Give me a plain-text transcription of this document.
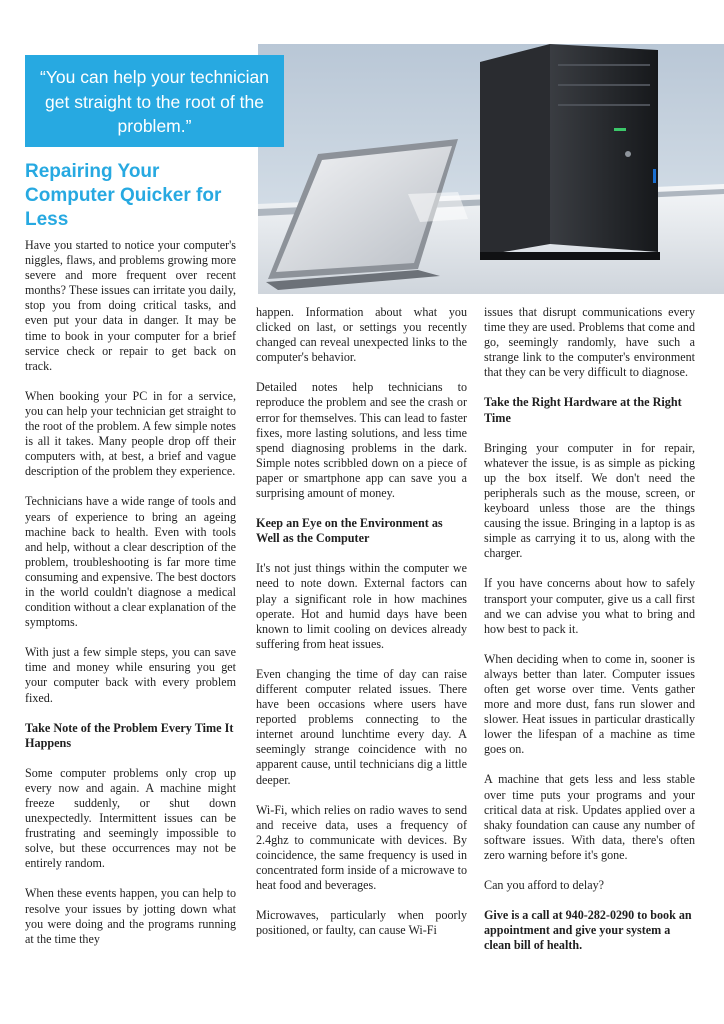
“You can help your technician get straight to the root of the problem.”
Repairing Your Computer Quicker for Less

Have you started to notice your computer's niggles, flaws, and problems growing more severe and more frequent over recent months? These issues can irritate you daily, stop you from doing critical tasks, and even put your data in danger. It may be time to book in your computer for a brief service check or repair to get back on track.

When booking your PC in for a service, you can help your technician get straight to the root of the problem. A few simple notes is all it takes. Many people drop off their computers with, at best, a brief and vague description of the problem they experience.

Technicians have a wide range of tools and years of experience to bring an ageing machine back to health. Even with tools and help, without a clear description of the problem, troubleshooting is far more time consuming and expensive. The best doctors in the world couldn't diagnose a medical condition without a clear explanation of the symptoms.

With just a few simple steps, you can save time and money while ensuring you get your computer back with every problem fixed.

Take Note of the Problem Every Time It Happens

Some computer problems only crop up every now and again. A machine might freeze suddenly, or shut down unexpectedly. Intermittent issues can be frustrating and seemingly impossible to solve, but these occurrences may not be entirely random.

When these events happen, you can help to resolve your issues by jotting down what you were doing and the programs running at the time they

happen. Information about what you clicked on last, or settings you recently changed can reveal unexpected links to the computer's behavior.

Detailed notes help technicians to reproduce the problem and see the crash or error for themselves. This can lead to faster fixes, more lasting solutions, and less time spend diagnosing problems in the dark. Simple notes scribbled down on a piece of paper or smartphone app can save you a surprising amount of money.

Keep an Eye on the Environment as Well as the Computer

It's not just things within the computer we need to note down. External factors can play a significant role in how machines operate. Hot and humid days have been known to limit cooling on devices already suffering from heat issues.

Even changing the time of day can raise different computer related issues. There have been occasions where users have reported problems connecting to the internet around lunchtime every day. A seemingly strange coincidence with no apparent cause, until technicians dig a little deeper.

Wi-Fi, which relies on radio waves to send and receive data, uses a frequency of 2.4ghz to communicate with devices. By coincidence, the same frequency is used in concentrated form inside of a microwave to heat food and beverages.

Microwaves, particularly when poorly positioned, or faulty, can cause Wi-Fi

issues that disrupt communications every time they are used. Problems that come and go, seemingly randomly, have such a strange link to the computer's environment that they can be very difficult to diagnose.

Take the Right Hardware at the Right Time

Bringing your computer in for repair, whatever the issue, is as simple as picking up the box itself. We don't need the peripherals such as the mouse, screen, or keyboard unless those are the things causing the issue. Bringing in a laptop is as simple as carrying it to us, along with the charger.

If you have concerns about how to safely transport your computer, give us a call first and we can advise you what to bring and how best to pack it.

When deciding when to come in, sooner is always better than later. Computer issues often get worse over time. Vents gather more and more dust, fans run slower and slower. Heat issues in particular drastically lower the lifespan of a machine as time goes on.

A machine that gets less and less stable over time puts your programs and your critical data at risk. Updates applied over a shaky foundation can cause any number of software issues. With data, there's often zero warning before it's gone.

Can you afford to delay?

Give is a call at 940-282-0290 to book an appointment and give your system a clean bill of health.
